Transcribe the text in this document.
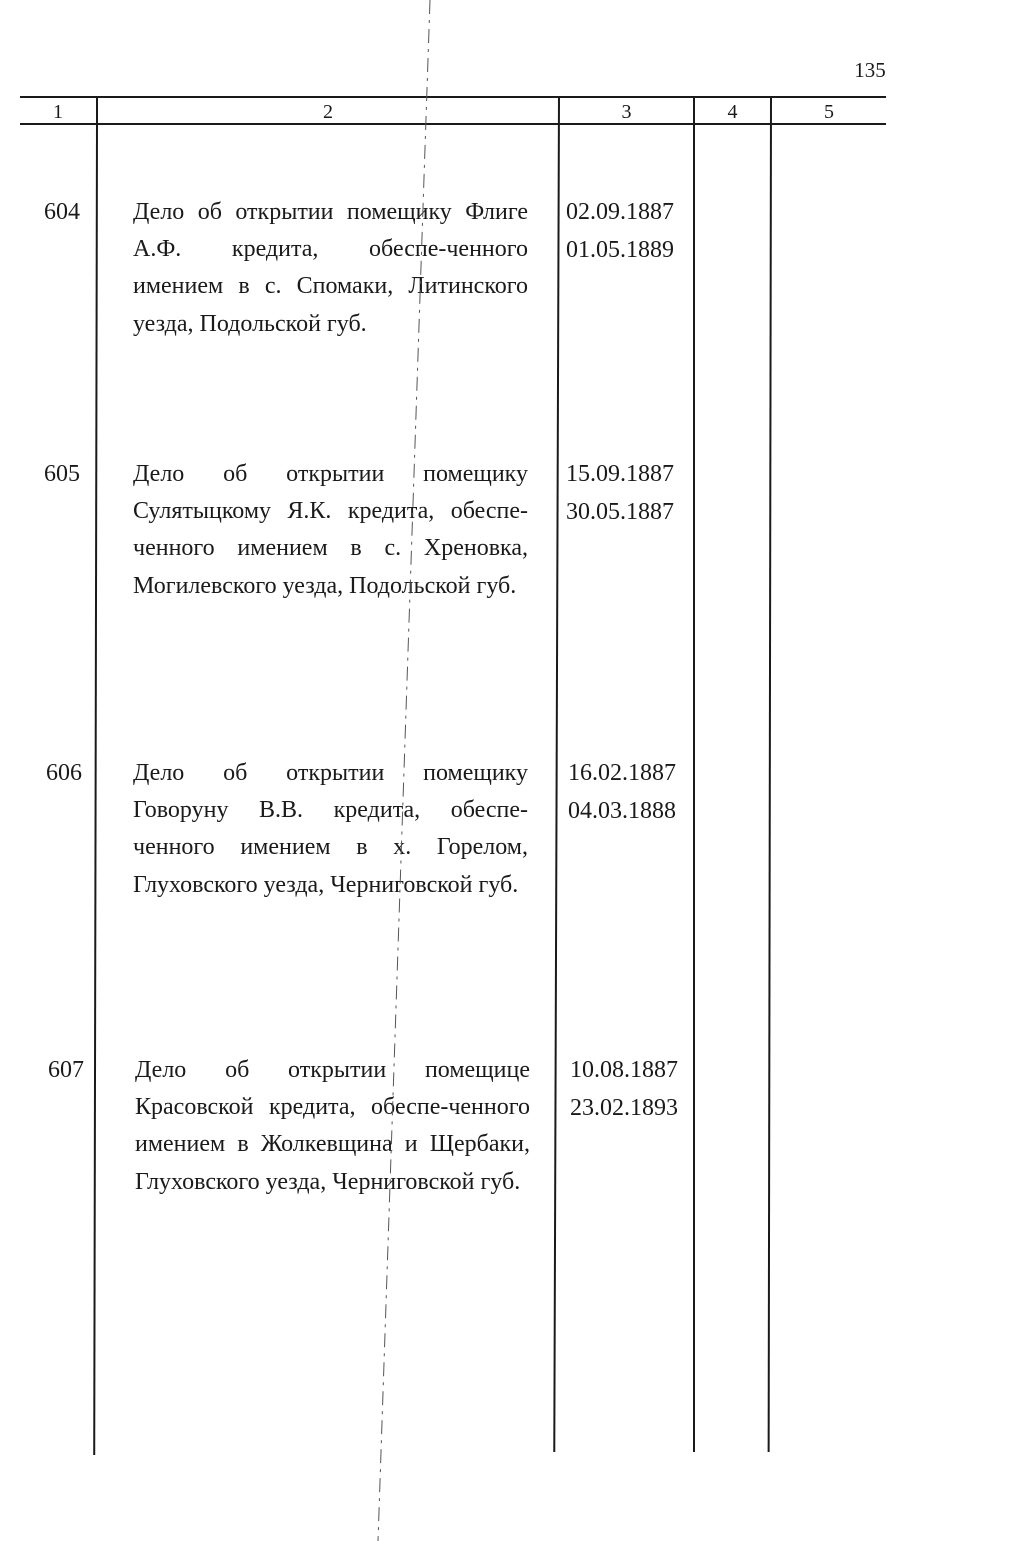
135
1	2	3	4	5
604 Дело об открытии помещику Флиге А.Ф. кредита, обеспе-ченного имением в с. Спомаки, Литинского уезда, Подольской губ.
02.09.1887
01.05.1889
605 Дело об открытии помещику Сулятыцкому Я.К. кредита, обеспе-ченного имением в с. Хреновка, Могилевского уезда, Подольской губ.
15.09.1887
30.05.1887
606 Дело об открытии помещику Говоруну В.В. кредита, обеспе-ченного имением в х. Горелом, Глуховского уезда, Черниговской губ.
16.02.1887
04.03.1888
607 Дело об открытии помещице Красовской кредита, обеспе-ченного имением в Жолкевщина и Щербаки, Глуховского уезда, Черниговской губ.
10.08.1887
23.02.1893
